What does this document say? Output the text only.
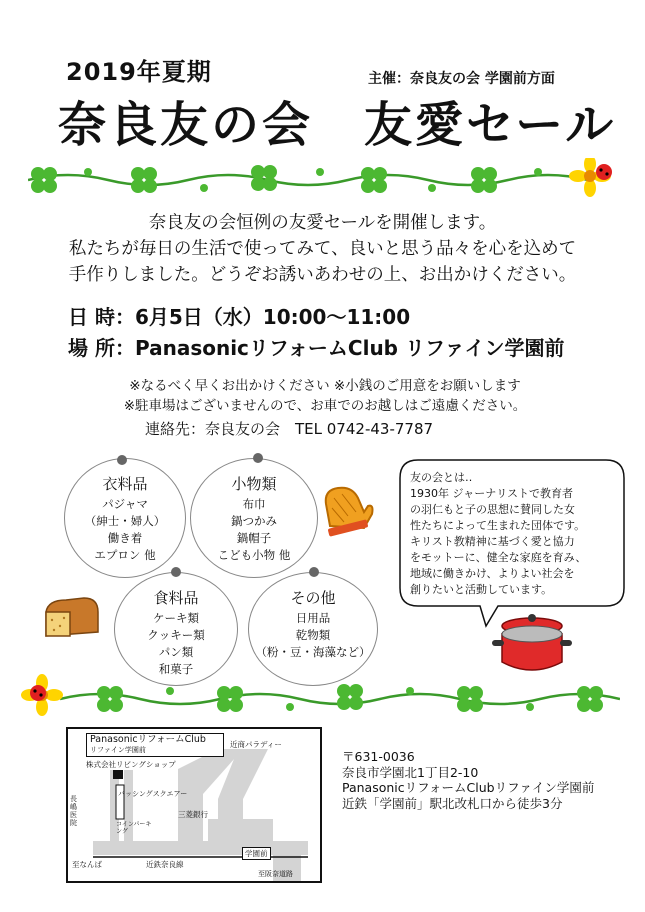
2019年夏期	主催：奈良友の会 学園前方面
奈良友の会　友愛セール
奈良友の会恒例の友愛セールを開催します。
私たちが毎日の生活で使ってみて、良いと思う品々を心を込めて
手作りしました。どうぞお誘いあわせの上、お出かけください。
日 時：6月5日（水）10:00～11:00
場 所：PanasonicリフォームClub リファイン学園前
※なるべく早くお出かけください ※小銭のご用意をお願いします
※駐車場はございませんので、お車でのお越しはご遠慮ください。
連絡先：奈良友の会　TEL 0742-43-7787
衣料品
パジャマ
（紳士・婦人）
働き着
エプロン 他
小物類
布巾
鍋つかみ
鍋帽子
こども小物 他
食料品
ケーキ類
クッキー類
パン類
和菓子
その他
日用品
乾物類
（粉・豆・海藻など）
友の会とは‥
1930年 ジャーナリストで教育者
の羽仁もと子の思想に賛同した女
性たちによって生まれた団体です。
キリスト教精神に基づく愛と協力
をモットーに、健全な家庭を育み、
地域に働きかけ、よりよい社会を
創りたいと活動しています。
PanasonicリフォームClub
リファイン学園前
株式会社リビングショップ
近商パラディー
パッシングスクエアー
長嶋医院	コインパーキング
三菱銀行
学園前
至なんば	近鉄奈良線
至阪奈道路
〒631-0036
奈良市学園北1丁目2-10
PanasonicリフォームClubリファイン学園前
近鉄「学園前」駅北改札口から徒歩3分
